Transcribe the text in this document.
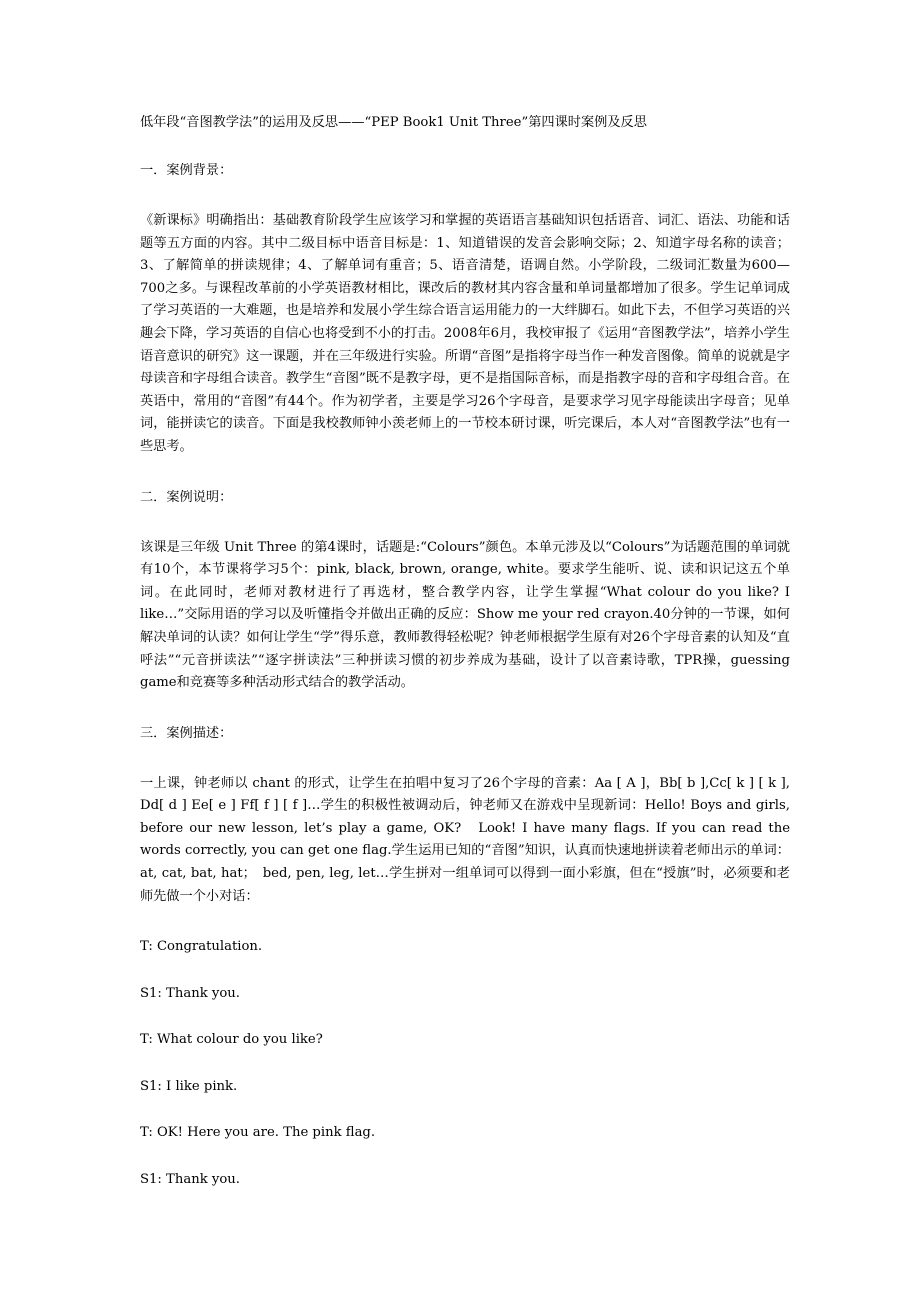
低年段“音图教学法”的运用及反思——“PEP Book1 Unit Three”第四课时案例及反思
一．案例背景：
《新课标》明确指出：基础教育阶段学生应该学习和掌握的英语语言基础知识包括语音、词汇、语法、功能和话题等五方面的内容。其中二级目标中语音目标是：1、知道错误的发音会影响交际；2、知道字母名称的读音；3、了解简单的拼读规律；4、了解单词有重音；5、语音清楚，语调自然。小学阶段，二级词汇数量为600—700之多。与课程改革前的小学英语教材相比，课改后的教材其内容含量和单词量都增加了很多。学生记单词成了学习英语的一大难题，也是培养和发展小学生综合语言运用能力的一大绊脚石。如此下去，不但学习英语的兴趣会下降，学习英语的自信心也将受到不小的打击。2008年6月，我校审报了《运用“音图教学法”，培养小学生语音意识的研究》这一课题，并在三年级进行实验。所谓“音图”是指将字母当作一种发音图像。简单的说就是字母读音和字母组合读音。教学生“音图”既不是教字母，更不是指国际音标，而是指教字母的音和字母组合音。在英语中，常用的“音图”有44个。作为初学者，主要是学习26个字母音，是要求学习见字母能读出字母音；见单词，能拼读它的读音。下面是我校教师钟小羡老师上的一节校本研讨课，听完课后，本人对“音图教学法”也有一些思考。
二．案例说明：
该课是三年级 Unit Three 的第4课时，话题是:“Colours”颜色。本单元涉及以“Colours”为话题范围的单词就有10个，本节课将学习5个：pink, black, brown, orange, white。要求学生能听、说、读和识记这五个单词。在此同时，老师对教材进行了再选材，整合教学内容，让学生掌握“What colour do you like? I like…”交际用语的学习以及听懂指令并做出正确的反应：Show me your red crayon.40分钟的一节课，如何解决单词的认读？如何让学生“学”得乐意，教师教得轻松呢？钟老师根据学生原有对26个字母音素的认知及“直呼法”“元音拼读法”“逐字拼读法”三种拼读习惯的初步养成为基础，设计了以音素诗歌，TPR操，guessing game和竞赛等多种活动形式结合的教学活动。
三．案例描述：
一上课，钟老师以 chant 的形式，让学生在拍唱中复习了26个字母的音素：Aa [ A ]，Bb[ b ],Cc[ k ] [ k ], Dd[ d ] Ee[ e ] Ff[ f ] [ f ]…学生的积极性被调动后，钟老师又在游戏中呈现新词：Hello! Boys and girls, before our new lesson, let’s play a game, OK?　Look! I have many flags. If you can read the words correctly, you can get one flag.学生运用已知的“音图”知识，认真而快速地拼读着老师出示的单词：at, cat, bat, hat；　bed, pen, leg, let…学生拼对一组单词可以得到一面小彩旗，但在“授旗”时，必须要和老师先做一个小对话：
T: Congratulation.
S1: Thank you.
T: What colour do you like?
S1: I like pink.
T: OK! Here you are. The pink flag.
S1: Thank you.
